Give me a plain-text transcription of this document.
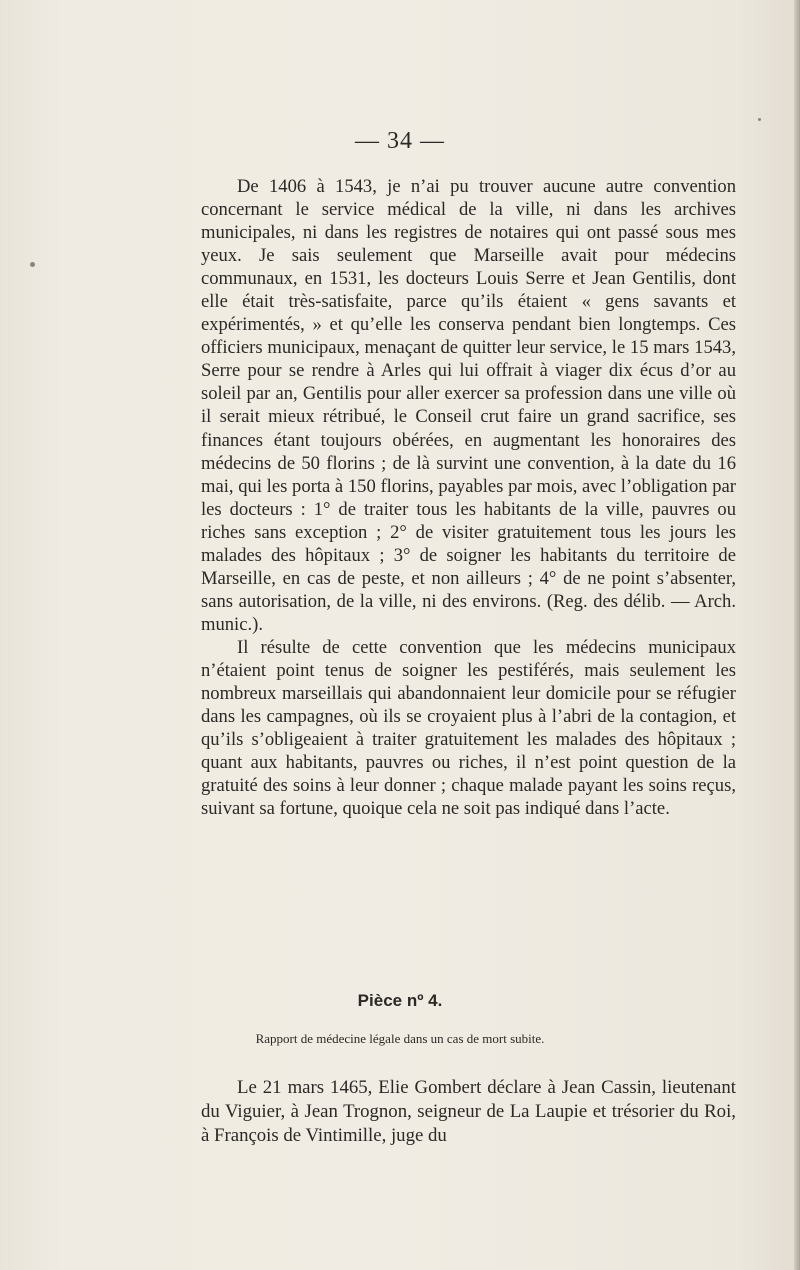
— 34 —

De 1406 à 1543, je n’ai pu trouver aucune autre convention concernant le service médical de la ville, ni dans les archives municipales, ni dans les registres de notaires qui ont passé sous mes yeux. Je sais seulement que Marseille avait pour médecins communaux, en 1531, les docteurs Louis Serre et Jean Gentilis, dont elle était très-satisfaite, parce qu’ils étaient « gens savants et expérimentés, » et qu’elle les conserva pendant bien longtemps. Ces officiers municipaux, menaçant de quitter leur service, le 15 mars 1543, Serre pour se rendre à Arles qui lui offrait à viager dix écus d’or au soleil par an, Gentilis pour aller exercer sa profession dans une ville où il serait mieux rétribué, le Conseil crut faire un grand sacrifice, ses finances étant toujours obérées, en augmentant les honoraires des médecins de 50 florins ; de là survint une convention, à la date du 16 mai, qui les porta à 150 florins, payables par mois, avec l’obligation par les docteurs : 1° de traiter tous les habitants de la ville, pauvres ou riches sans exception ; 2° de visiter gratuitement tous les jours les malades des hôpitaux ; 3° de soigner les habitants du territoire de Marseille, en cas de peste, et non ailleurs ; 4° de ne point s’absenter, sans autorisation, de la ville, ni des environs. (Reg. des délib. — Arch. munic.).

Il résulte de cette convention que les médecins municipaux n’étaient point tenus de soigner les pestiférés, mais seulement les nombreux marseillais qui abandonnaient leur domicile pour se réfugier dans les campagnes, où ils se croyaient plus à l’abri de la contagion, et qu’ils s’obligeaient à traiter gratuitement les malades des hôpitaux ; quant aux habitants, pauvres ou riches, il n’est point question de la gratuité des soins à leur donner ; chaque malade payant les soins reçus, suivant sa fortune, quoique cela ne soit pas indiqué dans l’acte.

Pièce nº 4.
Rapport de médecine légale dans un cas de mort subite.

Le 21 mars 1465, Elie Gombert déclare à Jean Cassin, lieutenant du Viguier, à Jean Trognon, seigneur de La Laupie et trésorier du Roi, à François de Vintimille, juge du
